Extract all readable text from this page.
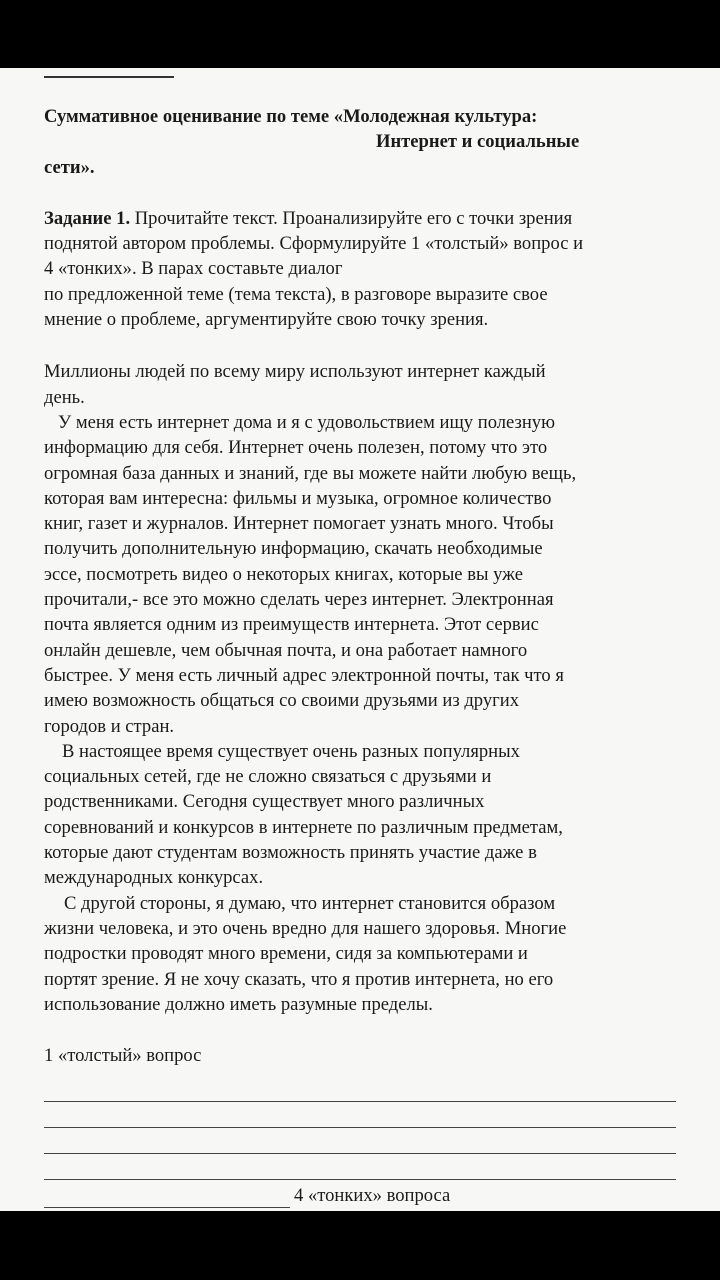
Суммативное оценивание по теме «Молодежная культура:

Интернет и социальные
сети».

Задание 1. Прочитайте текст. Проанализируйте его с точки зрения
поднятой автором проблемы. Сформулируйте 1 «толстый» вопрос и
4 «тонких». В парах составьте диалог
по предложенной теме (тема текста), в разговоре выразите свое
мнение о проблеме, аргументируйте свою точку зрения.

Миллионы людей по всему миру используют интернет каждый
день.
У меня есть интернет дома и я с удовольствием ищу полезную
информацию для себя. Интернет очень полезен, потому что это
огромная база данных и знаний, где вы можете найти любую вещь,
которая вам интересна: фильмы и музыка, огромное количество
книг, газет и журналов. Интернет помогает узнать много. Чтобы
получить дополнительную информацию, скачать необходимые
эссе, посмотреть видео о некоторых книгах, которые вы уже
прочитали,- все это можно сделать через интернет. Электронная
почта является одним из преимуществ интернета. Этот сервис
онлайн дешевле, чем обычная почта, и она работает намного
быстрее. У меня есть личный адрес электронной почты, так что я
имею возможность общаться со своими друзьями из других
городов и стран.
В настоящее время существует очень разных популярных
социальных сетей, где не сложно связаться с друзьями и
родственниками. Сегодня существует много различных
соревнований и конкурсов в интернете по различным предметам,
которые дают студентам возможность принять участие даже в
международных конкурсах.
С другой стороны, я думаю, что интернет становится образом
жизни человека, и это очень вредно для нашего здоровья. Многие
подростки проводят много времени, сидя за компьютерами и
портят зрение. Я не хочу сказать, что я против интернета, но его
использование должно иметь разумные пределы.

1 «толстый» вопрос

4 «тонких» вопроса
